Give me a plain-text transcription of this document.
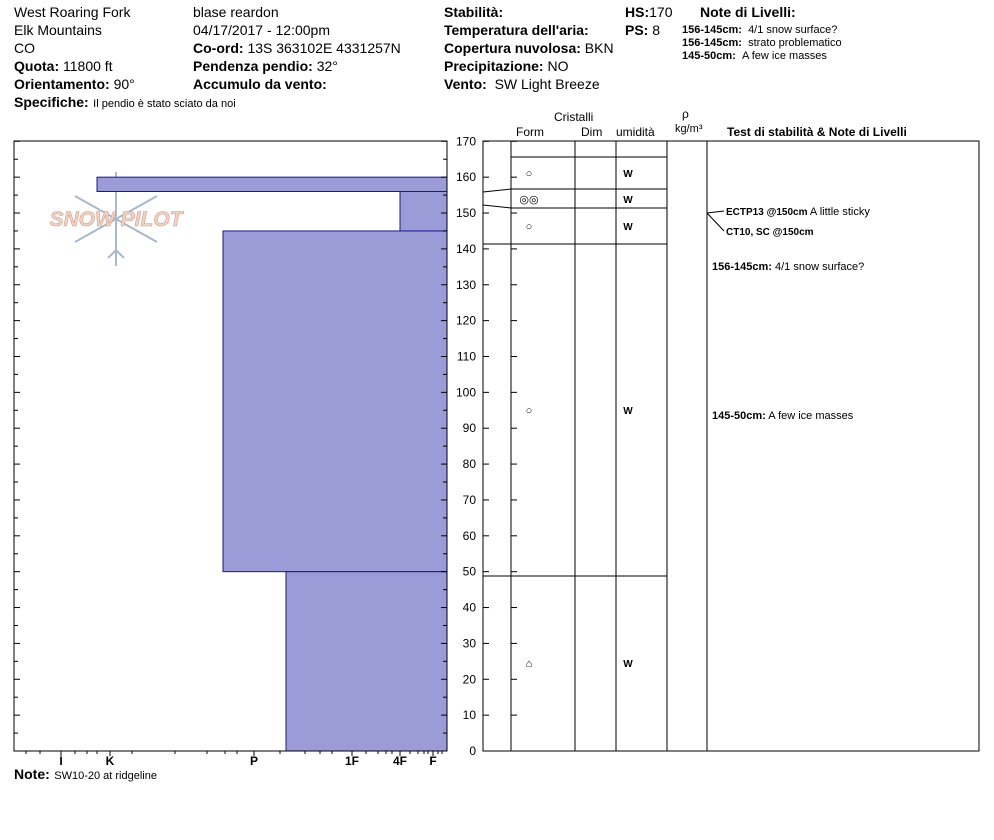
West Roaring Fork
Elk Mountains
CO
Quota: 11800 ft
Orientamento: 90°
Specifiche: Il pendio è stato sciato da noi
blase reardon
04/17/2017 - 12:00pm
Co-ord: 13S 363102E 4331257N
Pendenza pendio: 32°
Accumulo da vento:
Stabilità:
Temperatura dell'aria:
Copertura nuvolosa: BKN
Precipitazione: NO
Vento: SW Light Breeze
HS:170
PS: 8
Note di Livelli:
156-145cm: 4/1 snow surface?
156-145cm: strato problematico
145-50cm: A few ice masses
Cristalli
Form	Dim umidità
ρ
kg/m³ Test di stabilità & Note di Livelli
SNOW PILOT
I	K	P	1F	4F F
0
10
20
30
40
50
60
70
80
90
100
110
120
130
140
150
160
170
○	W
◎◎	W
○	W
○	W
⌂	W
ECTP13 @150cm A little sticky
CT10, SC @150cm
156-145cm: 4/1 snow surface?
145-50cm: A few ice masses
Note: SW10-20 at ridgeline
